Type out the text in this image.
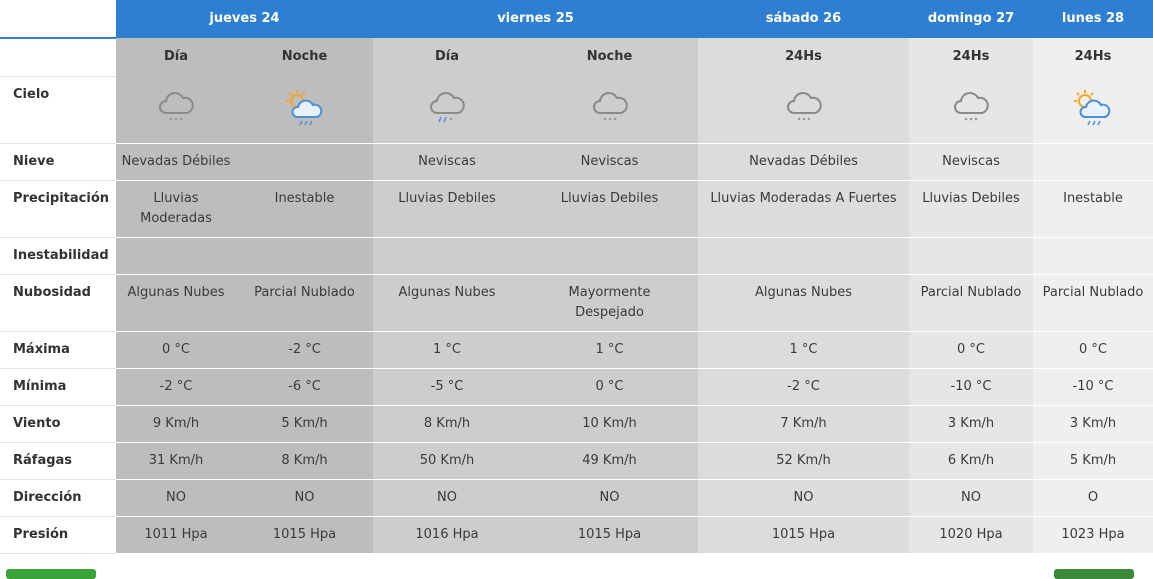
	jueves 24		viernes 25		sábado 26	domingo 27	lunes 28
	Día	Noche	Día	Noche	24Hs	24Hs	24Hs
Cielo	

Nieve	Nevadas Débiles		Neviscas	Neviscas	Nevadas Débiles	Neviscas	
Precipitación	Lluvias Moderadas	Inestable	Lluvias Debiles	Lluvias Debiles	Lluvias Moderadas A Fuertes	Lluvias Debiles	Inestable
Inestabilidad							
Nubosidad	Algunas Nubes	Parcial Nublado	Algunas Nubes	Mayormente Despejado	Algunas Nubes	Parcial Nublado	Parcial Nublado
Máxima	0 °C	-2 °C	1 °C	1 °C	1 °C	0 °C	0 °C
Mínima	-2 °C	-6 °C	-5 °C	0 °C	-2 °C	-10 °C	-10 °C
Viento	9 Km/h	5 Km/h	8 Km/h	10 Km/h	7 Km/h	3 Km/h	3 Km/h
Ráfagas	31 Km/h	8 Km/h	50 Km/h	49 Km/h	52 Km/h	6 Km/h	5 Km/h
Dirección	NO	NO	NO	NO	NO	NO	O
Presión	1011 Hpa	1015 Hpa	1016 Hpa	1015 Hpa	1015 Hpa	1020 Hpa	1023 Hpa
